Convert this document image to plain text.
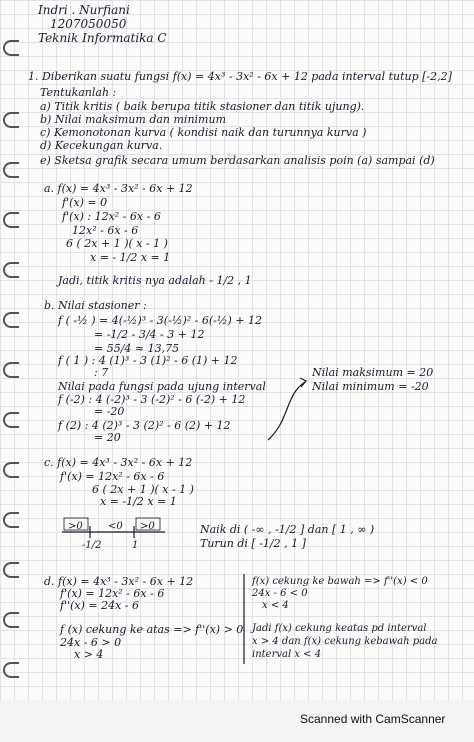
Indri . Nurfiani
1207050050
Teknik Informatika C
1. Diberikan suatu fungsi f(x) = 4x³ - 3x² - 6x + 12 pada interval tutup [-2,2]
Tentukanlah :
a) Titik kritis ( baik berupa titik stasioner dan titik ujung).
b) Nilai maksimum dan minimum
c) Kemonotonan kurva ( kondisi naik dan turunnya kurva )
d) Kecekungan kurva.
e) Sketsa grafik secara umum berdasarkan analisis poin (a) sampai (d)
a. f(x) = 4x³ - 3x² - 6x + 12
f'(x) = 0
f'(x) : 12x² - 6x - 6
12x² - 6x - 6
6 ( 2x + 1 )( x - 1 )
x = - 1/2 x = 1
Jadi, titik kritis nya adalah - 1/2 , 1
b. Nilai stasioner :
f ( -½ ) = 4(-½)³ - 3(-½)² - 6(-½) + 12
= -1/2 - 3/4 - 3 + 12
= 55/4 ≈ 13,75
f ( 1 ) : 4 (1)³ - 3 (1)² - 6 (1) + 12
: 7
Nilai pada fungsi pada ujung interval
f (-2) : 4 (-2)³ - 3 (-2)² - 6 (-2) + 12
= -20
f (2) : 4 (2)³ - 3 (2)² - 6 (2) + 12
= 20
Nilai maksimum = 20
Nilai minimum = -20
c. f(x) = 4x³ - 3x² - 6x + 12
f'(x) = 12x² - 6x - 6
6 ( 2x + 1 )( x - 1 )
x = -1/2 x = 1
>0	<0 >0
-1/2	1
Naik di ( -∞ , -1/2 ] dan [ 1 , ∞ )
Turun di [ -1/2 , 1 ]
d. f(x) = 4x³ - 3x² - 6x + 12
f'(x) = 12x² - 6x - 6
f''(x) = 24x - 6
f (x) cekung ke atas => f''(x) > 0
24x - 6 > 0
x > 4
f(x) cekung ke bawah => f''(x) < 0
24x - 6 < 0
x < 4
Jadi f(x) cekung keatas pd interval
x > 4 dan f(x) cekung kebawah pada
interval x < 4
Scanned with CamScanner
